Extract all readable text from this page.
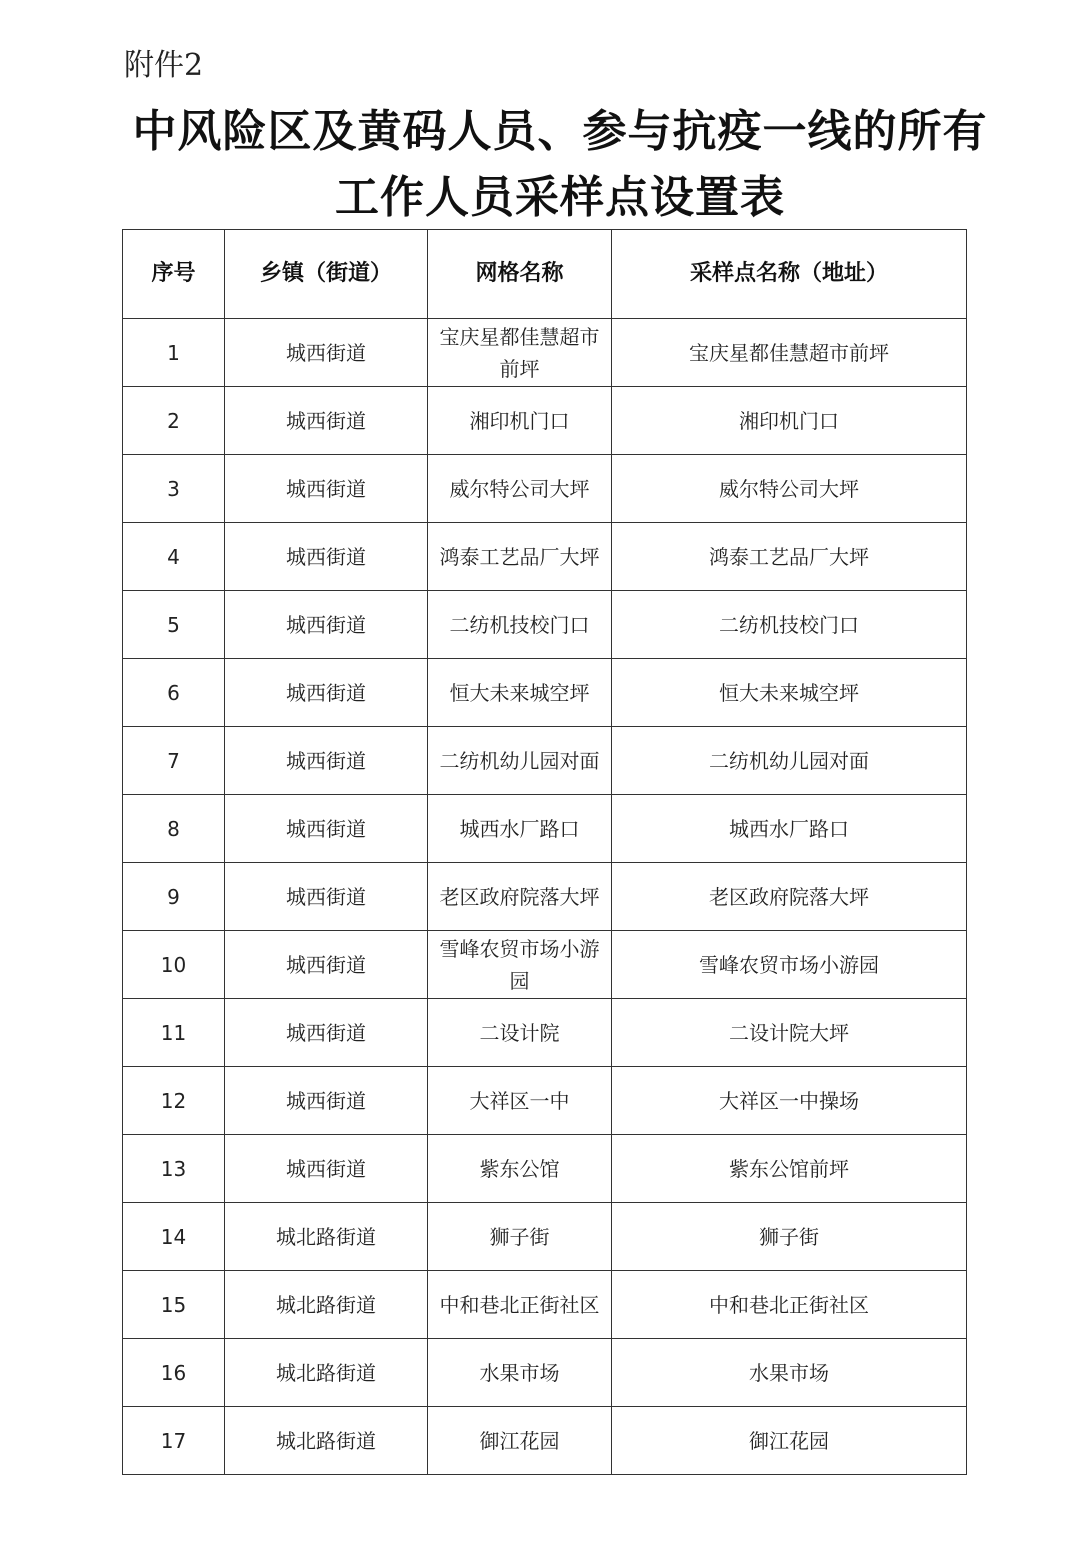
附件2
中风险区及黄码人员、参与抗疫一线的所有
工作人员采样点设置表
序号	乡镇（街道）	网格名称	采样点名称（地址）
1	城西街道	宝庆星都佳慧超市前坪	宝庆星都佳慧超市前坪
2	城西街道	湘印机门口	湘印机门口
3	城西街道	威尔特公司大坪	威尔特公司大坪
4	城西街道	鸿泰工艺品厂大坪	鸿泰工艺品厂大坪
5	城西街道	二纺机技校门口	二纺机技校门口
6	城西街道	恒大未来城空坪	恒大未来城空坪
7	城西街道	二纺机幼儿园对面	二纺机幼儿园对面
8	城西街道	城西水厂路口	城西水厂路口
9	城西街道	老区政府院落大坪	老区政府院落大坪
10	城西街道	雪峰农贸市场小游园	雪峰农贸市场小游园
11	城西街道	二设计院	二设计院大坪
12	城西街道	大祥区一中	大祥区一中操场
13	城西街道	紫东公馆	紫东公馆前坪
14	城北路街道	狮子街	狮子街
15	城北路街道	中和巷北正街社区	中和巷北正街社区
16	城北路街道	水果市场	水果市场
17	城北路街道	御江花园	御江花园
